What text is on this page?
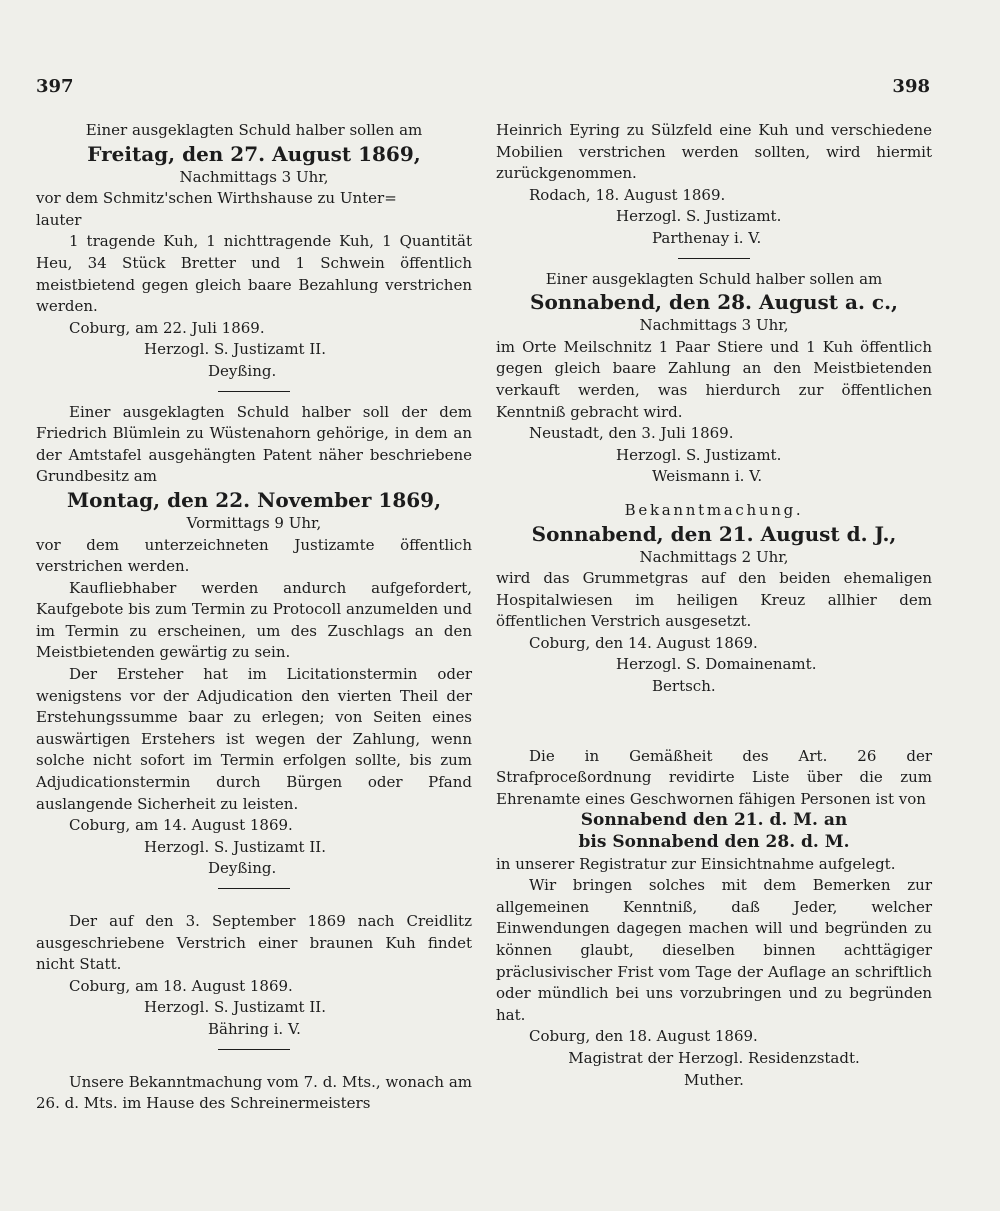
397	398

Einer ausgeklagten Schuld halber sollen am

Freitag, den 27. August 1869,

Nachmittags 3 Uhr,

vor dem Schmitz'schen Wirthshause zu Unter=

lauter

1 tragende Kuh, 1 nichttragende Kuh, 1 Quantität Heu, 34 Stück Bretter und 1 Schwein öffentlich meistbietend gegen gleich baare Bezahlung verstrichen werden.

Coburg, am 22. Juli 1869.

Herzogl. S. Justizamt II.

Deyßing.

Einer ausgeklagten Schuld halber soll der dem Friedrich Blümlein zu Wüstenahorn gehörige, in dem an der Amtstafel ausgehängten Patent näher beschriebene Grundbesitz am

Montag, den 22. November 1869,

Vormittags 9 Uhr,

vor dem unterzeichneten Justizamte öffentlich verstrichen werden.

Kaufliebhaber werden andurch aufgefordert, Kaufgebote bis zum Termin zu Protocoll anzumelden und im Termin zu erscheinen, um des Zuschlags an den Meistbietenden gewärtig zu sein.

Der Ersteher hat im Licitationstermin oder wenigstens vor der Adjudication den vierten Theil der Erstehungssumme baar zu erlegen; von Seiten eines auswärtigen Erstehers ist wegen der Zahlung, wenn solche nicht sofort im Termin erfolgen sollte, bis zum Adjudicationstermin durch Bürgen oder Pfand auslangende Sicherheit zu leisten.

Coburg, am 14. August 1869.

Herzogl. S. Justizamt II.

Deyßing.

Der auf den 3. September 1869 nach Creidlitz ausgeschriebene Verstrich einer braunen Kuh findet nicht Statt.

Coburg, am 18. August 1869.

Herzogl. S. Justizamt II.

Bähring i. V.

Unsere Bekanntmachung vom 7. d. Mts., wonach am 26. d. Mts. im Hause des Schreinermeisters

Heinrich Eyring zu Sülzfeld eine Kuh und verschiedene Mobilien verstrichen werden sollten, wird hiermit zurückgenommen.

Rodach, 18. August 1869.

Herzogl. S. Justizamt.

Parthenay i. V.

Einer ausgeklagten Schuld halber sollen am

Sonnabend, den 28. August a. c.,

Nachmittags 3 Uhr,

im Orte Meilschnitz 1 Paar Stiere und 1 Kuh öffentlich gegen gleich baare Zahlung an den Meistbietenden verkauft werden, was hierdurch zur öffentlichen Kenntniß gebracht wird.

Neustadt, den 3. Juli 1869.

Herzogl. S. Justizamt.

Weismann i. V.

Bekanntmachung.

Sonnabend, den 21. August d. J.,

Nachmittags 2 Uhr,

wird das Grummetgras auf den beiden ehemaligen Hospitalwiesen im heiligen Kreuz allhier dem öffentlichen Verstrich ausgesetzt.

Coburg, den 14. August 1869.

Herzogl. S. Domainenamt.

Bertsch.

Die in Gemäßheit des Art. 26 der Strafproceßordnung revidirte Liste über die zum Ehrenamte eines Geschwornen fähigen Personen ist von

Sonnabend den 21. d. M. an

bis Sonnabend den 28. d. M.

in unserer Registratur zur Einsichtnahme aufgelegt.

Wir bringen solches mit dem Bemerken zur allgemeinen Kenntniß, daß Jeder, welcher Einwendungen dagegen machen will und begründen zu können glaubt, dieselben binnen achttägiger präclusivischer Frist vom Tage der Auflage an schriftlich oder mündlich bei uns vorzubringen und zu begründen hat.

Coburg, den 18. August 1869.

Magistrat der Herzogl. Residenzstadt.

Muther.
